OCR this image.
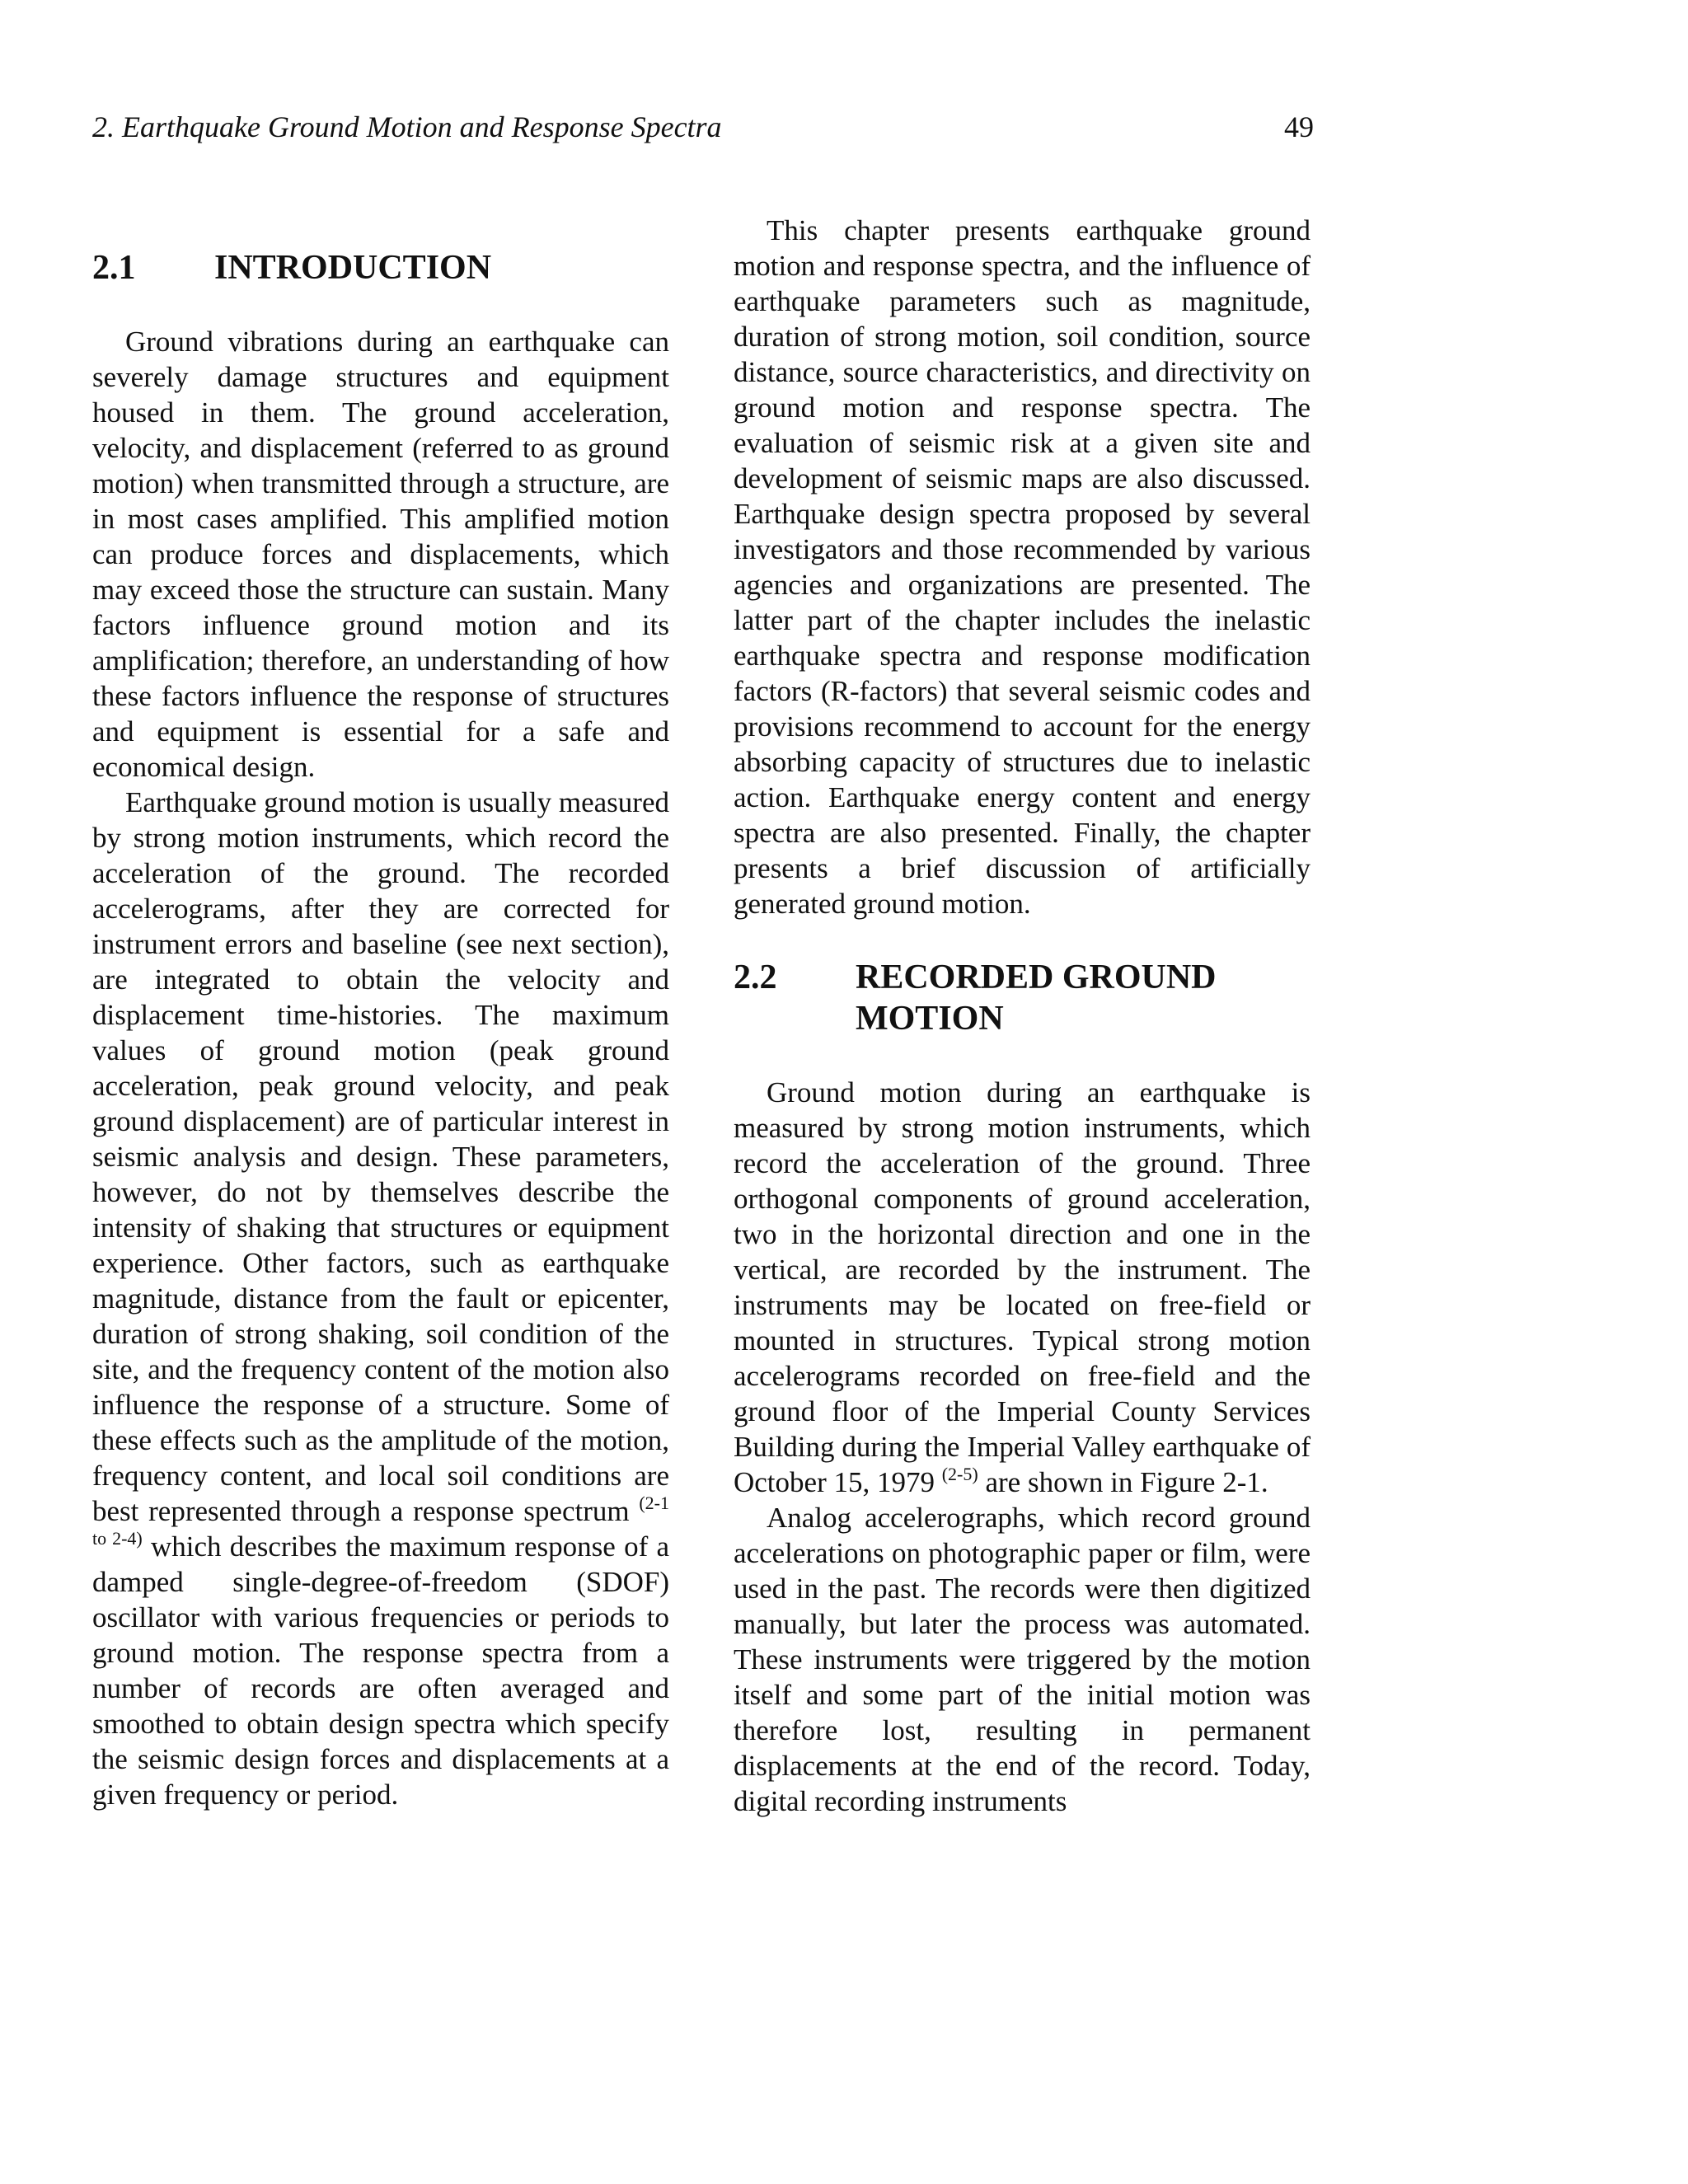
2. Earthquake Ground Motion and Response Spectra	49
2.1	INTRODUCTION

Ground vibrations during an earthquake can severely damage structures and equipment housed in them. The ground acceleration, velocity, and displacement (referred to as ground motion) when transmitted through a structure, are in most cases amplified. This amplified motion can produce forces and displacements, which may exceed those the structure can sustain. Many factors influence ground motion and its amplification; therefore, an understanding of how these factors influence the response of structures and equipment is essential for a safe and economical design.

Earthquake ground motion is usually measured by strong motion instruments, which record the acceleration of the ground. The recorded accelerograms, after they are corrected for instrument errors and baseline (see next section), are integrated to obtain the velocity and displacement time-histories. The maximum values of ground motion (peak ground acceleration, peak ground velocity, and peak ground displacement) are of particular interest in seismic analysis and design. These parameters, however, do not by themselves describe the intensity of shaking that structures or equipment experience. Other factors, such as earthquake magnitude, distance from the fault or epicenter, duration of strong shaking, soil condition of the site, and the frequency content of the motion also influence the response of a structure. Some of these effects such as the amplitude of the motion, frequency content, and local soil conditions are best represented through a response spectrum $^{(2-1 to 2-4)}$ which describes the maximum response of a damped single-degree-of-freedom (SDOF) oscillator with various frequencies or periods to ground motion. The response spectra from a number of records are often averaged and smoothed to obtain design spectra which specify the seismic design forces and displacements at a given frequency or period.

This chapter presents earthquake ground motion and response spectra, and the influence of earthquake parameters such as magnitude, duration of strong motion, soil condition, source distance, source characteristics, and directivity on ground motion and response spectra. The evaluation of seismic risk at a given site and development of seismic maps are also discussed. Earthquake design spectra proposed by several investigators and those recommended by various agencies and organizations are presented. The latter part of the chapter includes the inelastic earthquake spectra and response modification factors (R-factors) that several seismic codes and provisions recommend to account for the energy absorbing capacity of structures due to inelastic action. Earthquake energy content and energy spectra are also presented. Finally, the chapter presents a brief discussion of artificially generated ground motion.

2.2	RECORDED GROUND
MOTION

Ground motion during an earthquake is measured by strong motion instruments, which record the acceleration of the ground. Three orthogonal components of ground acceleration, two in the horizontal direction and one in the vertical, are recorded by the instrument. The instruments may be located on free-field or mounted in structures. Typical strong motion accelerograms recorded on free-field and the ground floor of the Imperial County Services Building during the Imperial Valley earthquake of October 15, 1979 $^{(2-5)}$ are shown in Figure 2-1.

Analog accelerographs, which record ground accelerations on photographic paper or film, were used in the past. The records were then digitized manually, but later the process was automated. These instruments were triggered by the motion itself and some part of the initial motion was therefore lost, resulting in permanent displacements at the end of the record. Today, digital recording instruments
